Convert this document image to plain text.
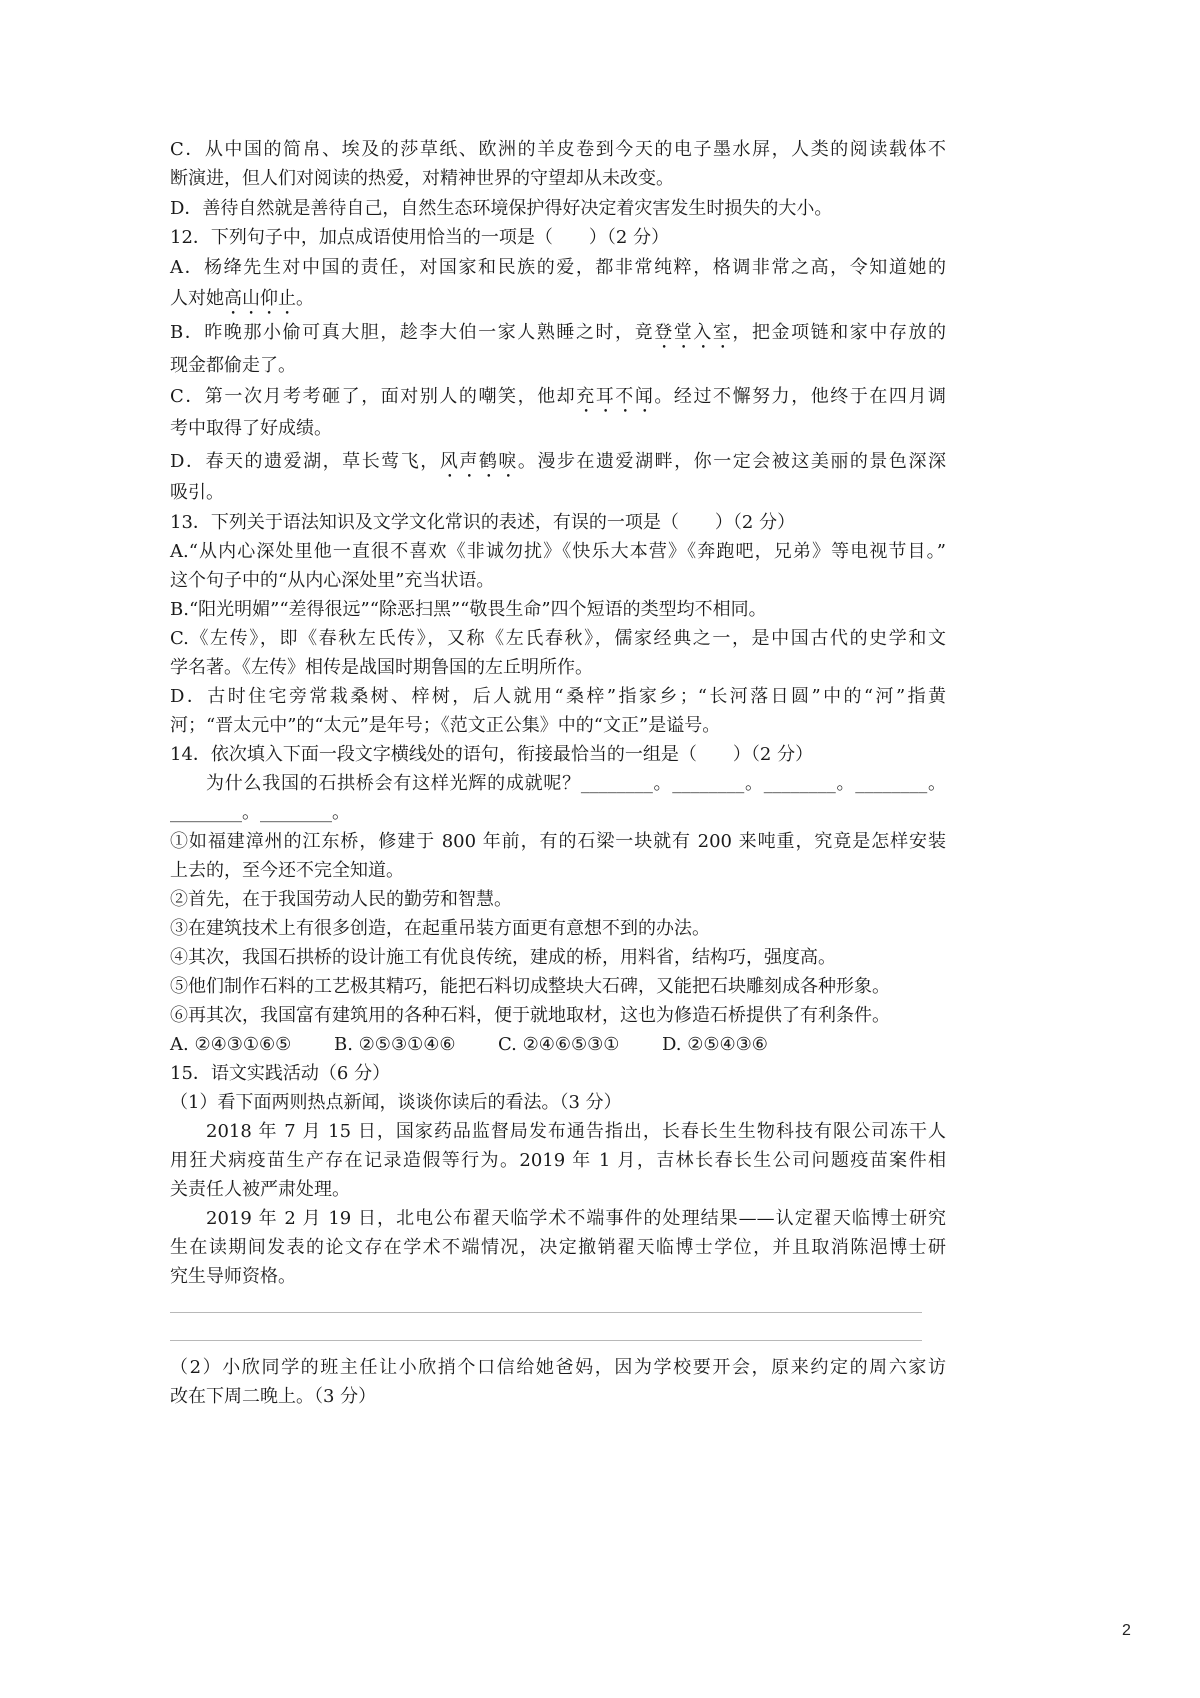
C．从中国的简帛、埃及的莎草纸、欧洲的羊皮卷到今天的电子墨水屏，人类的阅读载体不
断演进，但人们对阅读的热爱，对精神世界的守望却从未改变。
D．善待自然就是善待自己，自然生态环境保护得好决定着灾害发生时损失的大小。
12．下列句子中，加点成语使用恰当的一项是（　　）（2 分）
A．杨绛先生对中国的责任，对国家和民族的爱，都非常纯粹，格调非常之高，令知道她的
人对她高山仰止。
B．昨晚那小偷可真大胆，趁李大伯一家人熟睡之时，竟登堂入室，把金项链和家中存放的
现金都偷走了。
C．第一次月考考砸了，面对别人的嘲笑，他却充耳不闻。经过不懈努力，他终于在四月调
考中取得了好成绩。
D．春天的遗爱湖，草长莺飞，风声鹤唳。漫步在遗爱湖畔，你一定会被这美丽的景色深深
吸引。
13．下列关于语法知识及文学文化常识的表述，有误的一项是（　　）（2 分）
A.“从内心深处里他一直很不喜欢《非诚勿扰》《快乐大本营》《奔跑吧，兄弟》等电视节目。”
这个句子中的“从内心深处里”充当状语。
B.“阳光明媚”“差得很远”“除恶扫黑”“敬畏生命”四个短语的类型均不相同。
C.《左传》，即《春秋左氏传》，又称《左氏春秋》，儒家经典之一，是中国古代的史学和文
学名著。《左传》相传是战国时期鲁国的左丘明所作。
D．古时住宅旁常栽桑树、梓树，后人就用“桑梓”指家乡；“长河落日圆”中的“河”指黄
河；“晋太元中”的“太元”是年号；《范文正公集》中的“文正”是谥号。
14．依次填入下面一段文字横线处的语句，衔接最恰当的一组是（　　）（2 分）
为什么我国的石拱桥会有这样光辉的成就呢？________。________。________。________。
________。________。
①如福建漳州的江东桥，修建于 800 年前，有的石梁一块就有 200 来吨重，究竟是怎样安装
上去的，至今还不完全知道。
②首先，在于我国劳动人民的勤劳和智慧。
③在建筑技术上有很多创造，在起重吊装方面更有意想不到的办法。
④其次，我国石拱桥的设计施工有优良传统，建成的桥，用料省，结构巧，强度高。
⑤他们制作石料的工艺极其精巧，能把石料切成整块大石碑，又能把石块雕刻成各种形象。
⑥再其次，我国富有建筑用的各种石料，便于就地取材，这也为修造石桥提供了有利条件。
A. ②④③①⑥⑤ B. ②⑤③①④⑥ C. ②④⑥⑤③① D. ②⑤④③⑥
15．语文实践活动（6 分）
（1）看下面两则热点新闻，谈谈你读后的看法。（3 分）
2018 年 7 月 15 日，国家药品监督局发布通告指出，长春长生生物科技有限公司冻干人
用狂犬病疫苗生产存在记录造假等行为。2019 年 1 月，吉林长春长生公司问题疫苗案件相
关责任人被严肃处理。
2019 年 2 月 19 日，北电公布翟天临学术不端事件的处理结果——认定翟天临博士研究
生在读期间发表的论文存在学术不端情况，决定撤销翟天临博士学位，并且取消陈浥博士研
究生导师资格。
（2）小欣同学的班主任让小欣捎个口信给她爸妈，因为学校要开会，原来约定的周六家访
改在下周二晚上。（3 分）
2
